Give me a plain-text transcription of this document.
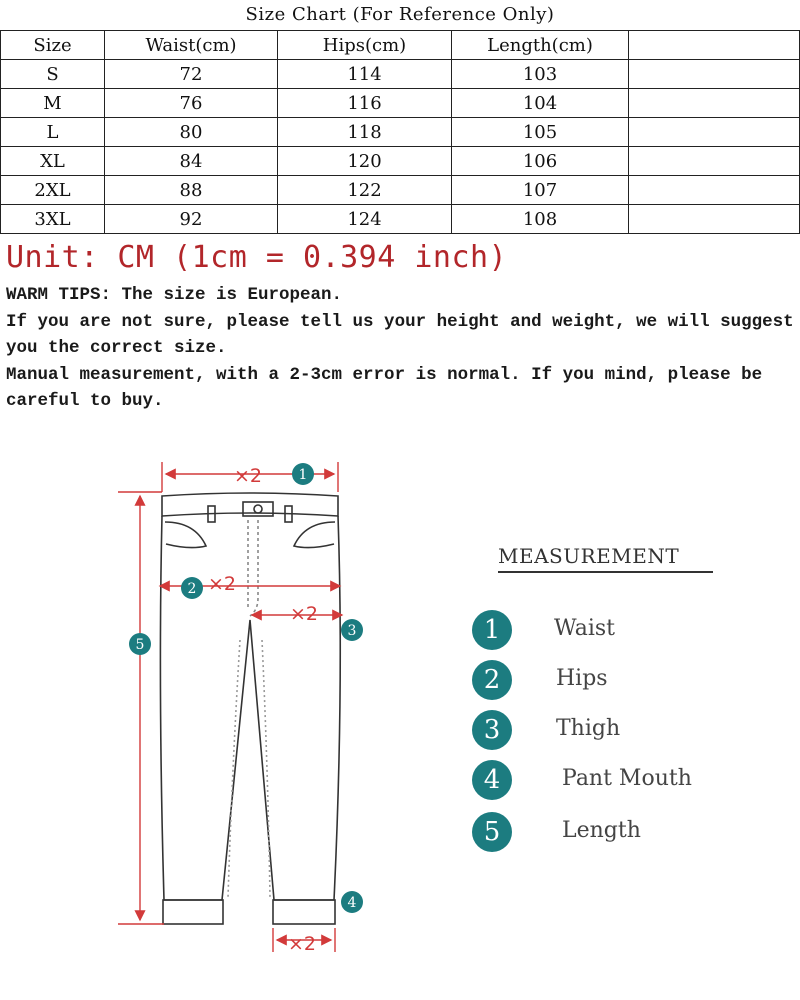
Size Chart (For Reference Only)
Size	Waist(cm)	Hips(cm)	Length(cm)	
S	72	114	103	
M	76	116	104	
L	80	118	105	
XL	84	120	106	
2XL	88	122	107	
3XL	92	124	108	
Unit: CM (1cm = 0.394 inch)

WARM TIPS: The size is European.

If you are not sure, please tell us your height and weight, we will suggest you the correct size.

Manual measurement, with a 2-3cm error is normal. If you mind, please be careful to buy.

×2
×2
×2
×2
1
2
3
4
5
MEASUREMENT
1	Waist
2	Hips
3	Thigh
4	Pant Mouth
5	Length
